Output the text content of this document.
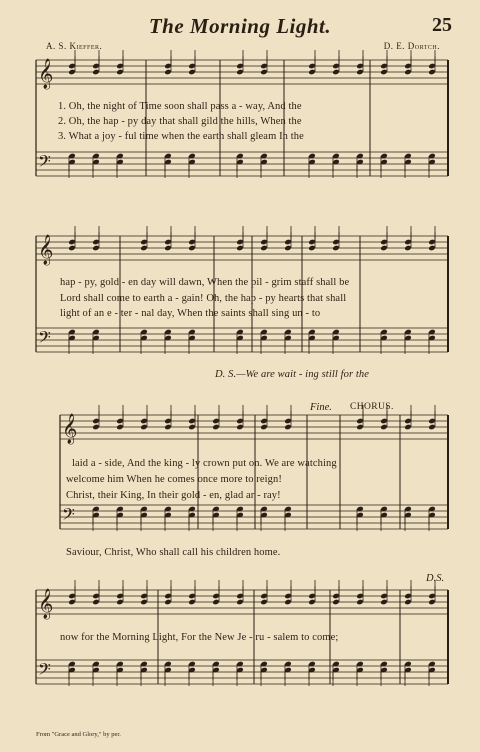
The Morning Light.	25
A. S. Kieffer.	D. E. Dortch.
𝄞
𝄢
𝄞
𝄢
𝄞
𝄢
𝄞
𝄢
1. Oh, the night of Time soon shall pass a - way, And the
2. Oh, the hap - py day that shall gild the hills, When the
3. What a joy - ful time when the earth shall gleam In the
hap - py, gold - en day will dawn, When the pil - grim staff shall be
Lord shall come to earth a - gain! Oh, the hap - py hearts that shall
light of an e - ter - nal day, When the saints shall sing un - to
D. S.—We are wait - ing still for the
Fine. CHORUS.
laid a - side, And the king - ly crown put on. We are watching
welcome him When he comes once more to reign!
Christ, their King, In their gold - en, glad ar - ray!
Saviour, Christ, Who shall call his children home.
D.S.
now for the Morning Light, For the New Je - ru - salem to come;
From "Grace and Glory," by per.
